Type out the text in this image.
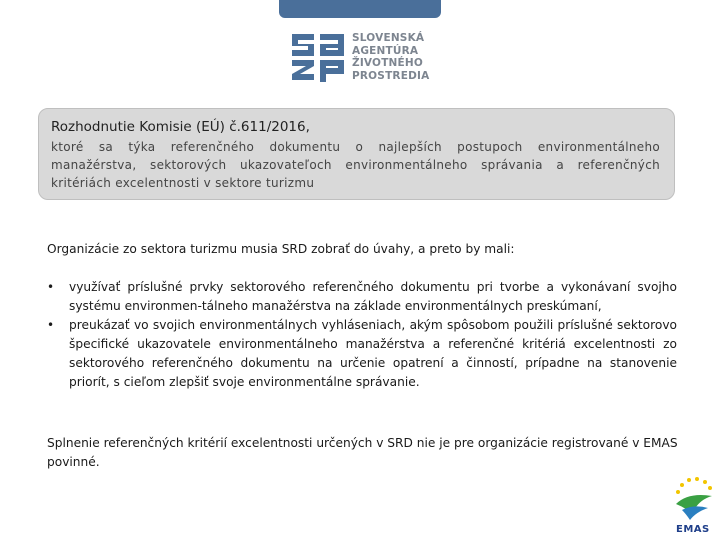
SLOVENSKÁ
AGENTÚRA
ŽIVOTNÉHO
PROSTREDIA
Rozhodnutie Komisie (EÚ) č.611/2016,
ktoré sa týka referenčného dokumentu o najlepších postupoch environmentálneho manažérstva, sektorových ukazovateľoch environmentálneho správania a referenčných kritériách excelentnosti v sektore turizmu
Organizácie zo sektora turizmu musia SRD zobrať do úvahy, a preto by mali:
• využívať príslušné prvky sektorového referenčného dokumentu pri tvorbe a vykonávaní svojho systému environmen-tálneho manažérstva na základe environmentálnych preskúmaní,
• preukázať vo svojich environmentálnych vyhláseniach, akým spôsobom použili príslušné sektorovo špecifické ukazovatele environmentálneho manažérstva a referenčné kritériá excelentnosti zo sektorového referenčného dokumentu na určenie opatrení a činností, prípadne na stanovenie priorít, s cieľom zlepšiť svoje environmentálne správanie.
Splnenie referenčných kritérií excelentnosti určených v SRD nie je pre organizácie registrované v EMAS povinné.
EMAS
